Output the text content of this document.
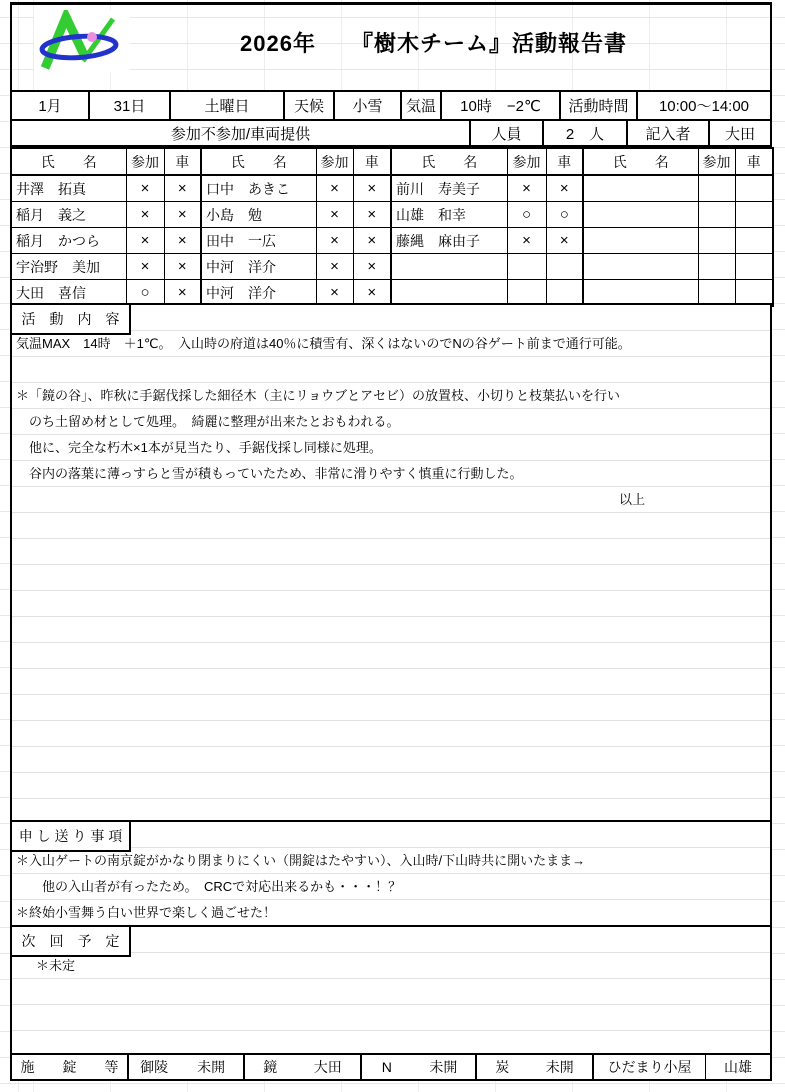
2026年　　『樹木チーム』活動報告書
1月	31日	土曜日	天候	小雪	気温	10時　−2℃	活動時間	10:00～14:00
参加不参加/車両提供	人員	2　人	記入者	大田
氏　　名	参加	車	氏　　名	参加	車	氏　　名	参加	車	氏　　名	参加	車
井澤　拓真	×	×	口中　あきこ	×	×	前川　寿美子	×	×			
稲月　義之	×	×	小島　勉	×	×	山雄　和幸	○	○			
稲月　かつら	×	×	田中　一広	×	×	藤縄　麻由子	×	×			
宇治野　美加	×	×	中河　洋介	×	×						
大田　喜信	○	×	中河　洋介	×	×						
活　動　内　容
気温MAX　14時　＋1℃。　入山時の府道は40％に積雪有、深くはないのでNの谷ゲート前まで通行可能。
＊「鏡の谷」、昨秋に手鋸伐採した細径木（主にリョウブとアセビ）の放置枝、小切りと枝葉払いを行い
　のち土留め材として処理。　綺麗に整理が出来たとおもわれる。
　他に、完全な朽木×1本が見当たり、手鋸伐採し同様に処理。
　谷内の落葉に薄っすらと雪が積もっていたため、非常に滑りやすく慎重に行動した。
以上
申 し 送 り 事 項
＊入山ゲートの南京錠がかなり閉まりにくい（開錠はたやすい）、入山時/下山時共に開いたまま→
　　他の入山者が有ったため。　CRCで対応出来るかも・・・！？
＊終始小雪舞う白い世界で楽しく過ごせた！
次　回　予　定
＊未定
施　　錠　　等	御陵	未開	鏡	大田	N	未開	炭	未開	ひだまり小屋	山雄
